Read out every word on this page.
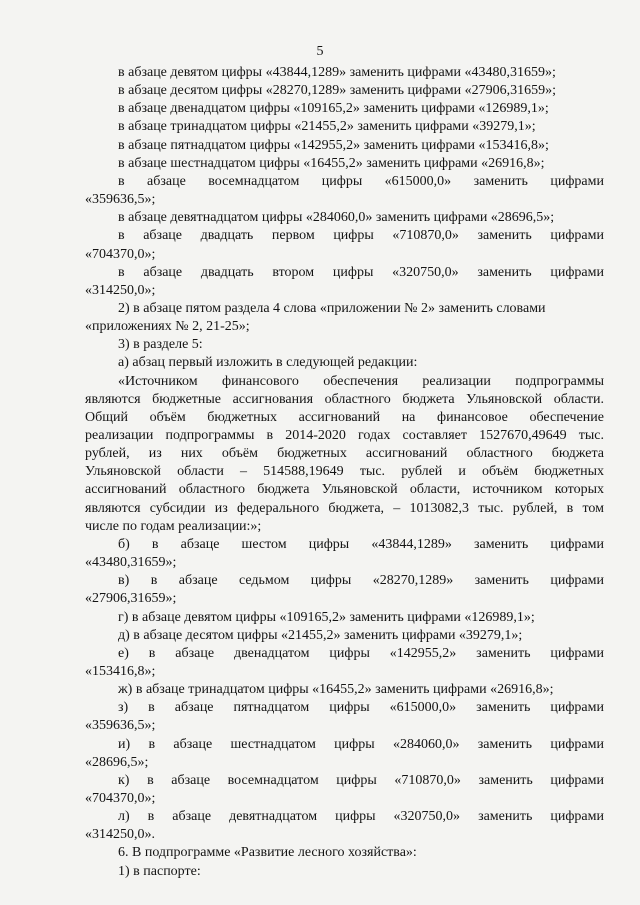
5
в абзаце девятом цифры «43844,1289» заменить цифрами «43480,31659»;
в абзаце десятом цифры «28270,1289» заменить цифрами «27906,31659»;
в абзаце двенадцатом цифры «109165,2» заменить цифрами «126989,1»;
в абзаце тринадцатом цифры «21455,2» заменить цифрами «39279,1»;
в абзаце пятнадцатом цифры «142955,2» заменить цифрами «153416,8»;
в абзаце шестнадцатом цифры «16455,2» заменить цифрами «26916,8»;
в абзаце восемнадцатом цифры «615000,0» заменить цифрами
«359636,5»;
в абзаце девятнадцатом цифры «284060,0» заменить цифрами «28696,5»;
в абзаце двадцать первом цифры «710870,0» заменить цифрами
«704370,0»;
в абзаце двадцать втором цифры «320750,0» заменить цифрами
«314250,0»;
2) в абзаце пятом раздела 4 слова «приложении № 2» заменить словами
«приложениях № 2, 21-25»;
3) в разделе 5:
а) абзац первый изложить в следующей редакции:
«Источником финансового обеспечения реализации подпрограммы
являются бюджетные ассигнования областного бюджета Ульяновской области.
Общий объём бюджетных ассигнований на финансовое обеспечение
реализации подпрограммы в 2014-2020 годах составляет 1527670,49649 тыс.
рублей, из них объём бюджетных ассигнований областного бюджета
Ульяновской области – 514588,19649 тыс. рублей и объём бюджетных
ассигнований областного бюджета Ульяновской области, источником которых
являются субсидии из федерального бюджета, – 1013082,3 тыс. рублей, в том
числе по годам реализации:»;
б) в абзаце шестом цифры «43844,1289» заменить цифрами
«43480,31659»;
в) в абзаце седьмом цифры «28270,1289» заменить цифрами
«27906,31659»;
г) в абзаце девятом цифры «109165,2» заменить цифрами «126989,1»;
д) в абзаце десятом цифры «21455,2» заменить цифрами «39279,1»;
е) в абзаце двенадцатом цифры «142955,2» заменить цифрами
«153416,8»;
ж) в абзаце тринадцатом цифры «16455,2» заменить цифрами «26916,8»;
з) в абзаце пятнадцатом цифры «615000,0» заменить цифрами
«359636,5»;
и) в абзаце шестнадцатом цифры «284060,0» заменить цифрами
«28696,5»;
к) в абзаце восемнадцатом цифры «710870,0» заменить цифрами
«704370,0»;
л) в абзаце девятнадцатом цифры «320750,0» заменить цифрами
«314250,0».
6. В подпрограмме «Развитие лесного хозяйства»:
1) в паспорте:
